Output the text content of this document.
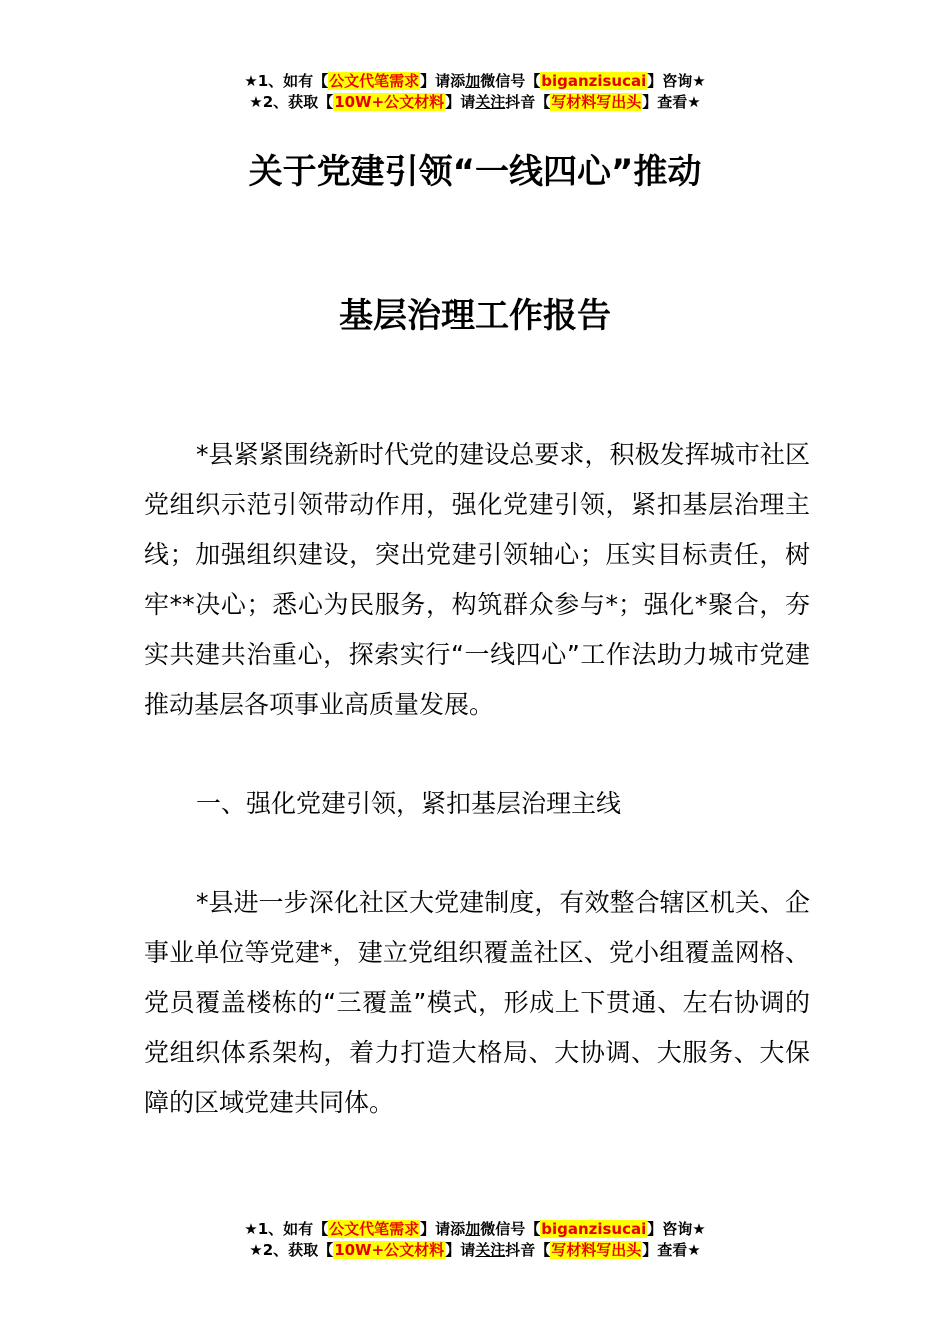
★1、如有【公文代笔需求】请添加微信号【biganzisucai】咨询★
★2、获取【10W+公文材料】请关注抖音【写材料写出头】查看★
关于党建引领“一线四心”推动
基层治理工作报告

*县紧紧围绕新时代党的建设总要求，积极发挥城市社区党组织示范引领带动作用，强化党建引领，紧扣基层治理主线；加强组织建设，突出党建引领轴心；压实目标责任，树牢**决心；悉心为民服务，构筑群众参与*；强化*聚合，夯实共建共治重心，探索实行“一线四心”工作法助力城市党建推动基层各项事业高质量发展。

一、强化党建引领，紧扣基层治理主线

*县进一步深化社区大党建制度，有效整合辖区机关、企事业单位等党建*，建立党组织覆盖社区、党小组覆盖网格、党员覆盖楼栋的“三覆盖”模式，形成上下贯通、左右协调的党组织体系架构，着力打造大格局、大协调、大服务、大保障的区域党建共同体。

★1、如有【公文代笔需求】请添加微信号【biganzisucai】咨询★
★2、获取【10W+公文材料】请关注抖音【写材料写出头】查看★
